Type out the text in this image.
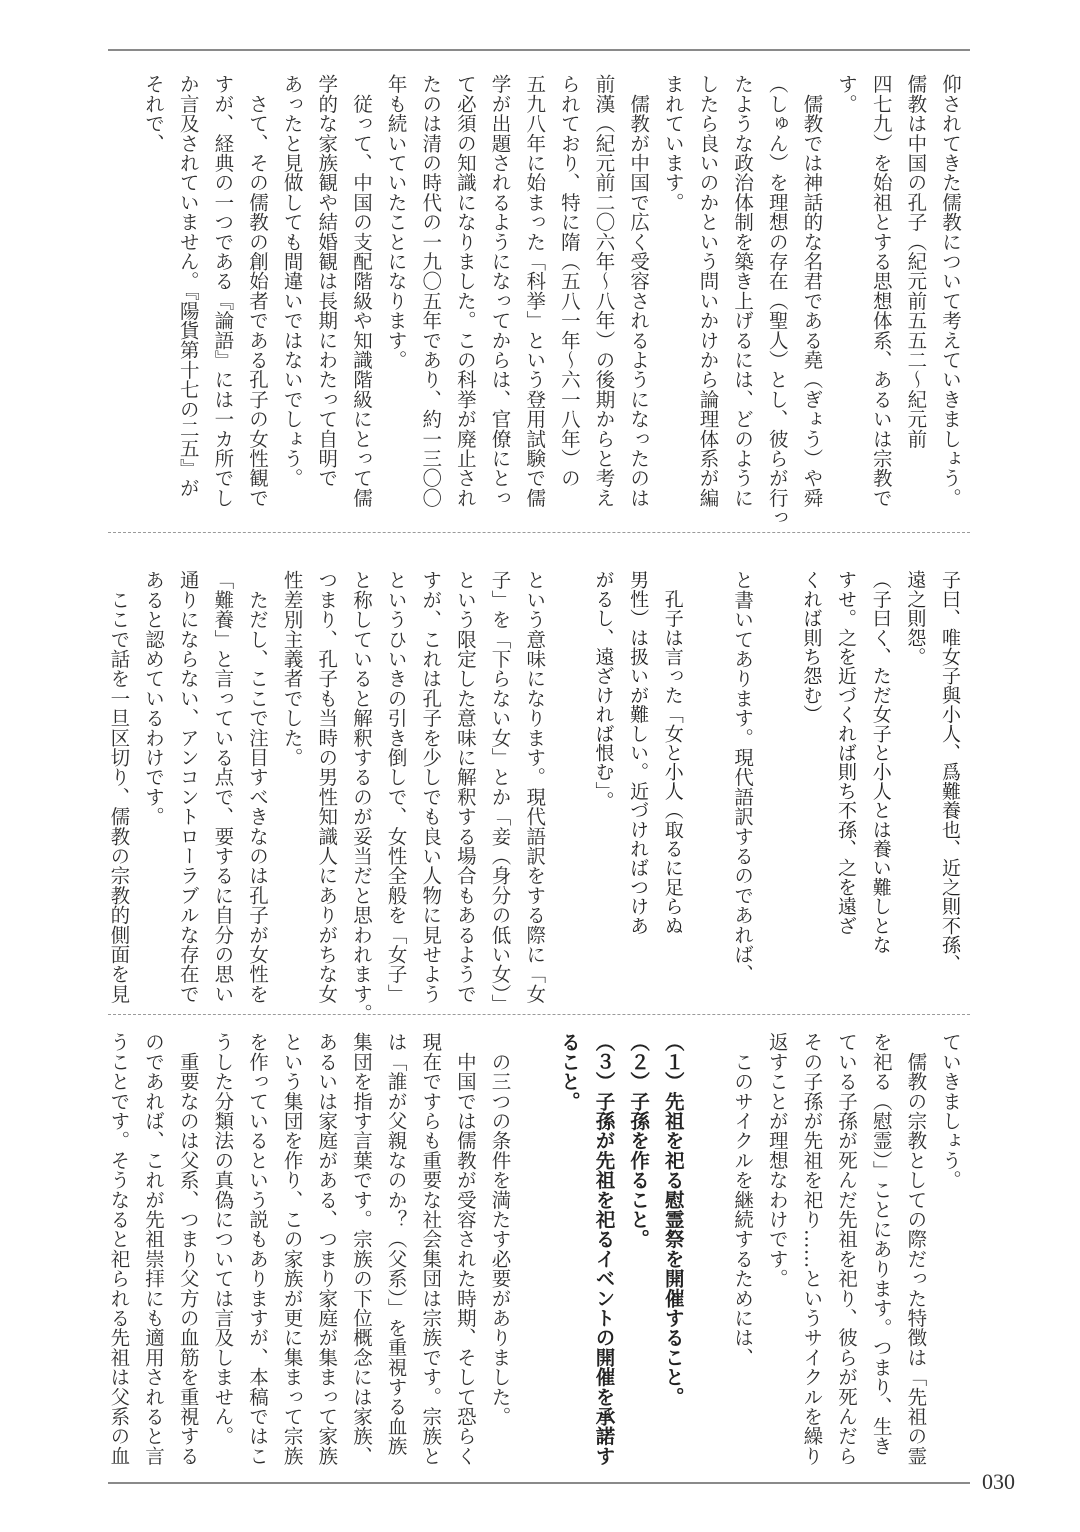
仰されてきた儒教について考えていきましょう。
儒教は中国の孔子（紀元前五五二～紀元前
四七九）を始祖とする思想体系、あるいは宗教で
す。
　儒教では神話的な名君である堯（ぎょう）や舜
（しゅん）を理想の存在（聖人）とし、彼らが行っ
たような政治体制を築き上げるには、どのように
したら良いのかという問いかけから論理体系が編
まれています。
　儒教が中国で広く受容されるようになったのは
前漢（紀元前二〇六年～八年）の後期からと考え
られており、特に隋（五八一年～六一八年）の
五九八年に始まった「科挙」という登用試験で儒
学が出題されるようになってからは、官僚にとっ
て必須の知識になりました。この科挙が廃止され
たのは清の時代の一九〇五年であり、約一三〇〇
年も続いていたことになります。
　従って、中国の支配階級や知識階級にとって儒
学的な家族観や結婚観は長期にわたって自明で
あったと見做しても間違いではないでしょう。
　さて、その儒教の創始者である孔子の女性観で
すが、経典の一つである『論語』には一カ所でし
か言及されていません。『陽貨第十七の二五』が
それで、
子曰、唯女子與小人、爲難養也、近之則不孫、
遠之則怨。
（子曰く、ただ女子と小人とは養い難しとな
すせ。之を近づくれば則ち不孫、之を遠ざ
くれば則ち怨む）
と書いてあります。現代語訳するのであれば、
　孔子は言った「女と小人（取るに足らぬ
男性）は扱いが難しい。近づければつけあ
がるし、遠ざければ恨む」。
という意味になります。現代語訳をする際に「女
子」を「下らない女」とか「妾（身分の低い女）」
という限定した意味に解釈する場合もあるようで
すが、これは孔子を少しでも良い人物に見せよう
というひいきの引き倒しで、女性全般を「女子」
と称していると解釈するのが妥当だと思われます。
つまり、孔子も当時の男性知識人にありがちな女
性差別主義者でした。
　ただし、ここで注目すべきなのは孔子が女性を
「難養」と言っている点で、要するに自分の思い
通りにならない、アンコントローラブルな存在で
あると認めているわけです。
　ここで話を一旦区切り、儒教の宗教的側面を見
ていきましょう。
　儒教の宗教としての際だった特徴は「先祖の霊
を祀る（慰霊）」ことにあります。つまり、生き
ている子孫が死んだ先祖を祀り、彼らが死んだら
その子孫が先祖を祀り……というサイクルを繰り
返すことが理想なわけです。
　このサイクルを継続するためには、
（１）先祖を祀る慰霊祭を開催すること。
（２）子孫を作ること。
（３）子孫が先祖を祀るイベントの開催を承諾す
ること。
　の三つの条件を満たす必要がありました。
　中国では儒教が受容された時期、そして恐らく
現在ですらも重要な社会集団は宗族です。宗族と
は「誰が父親なのか？（父系）」を重視する血族
集団を指す言葉です。宗族の下位概念には家族、
あるいは家庭がある、つまり家庭が集まって家族
という集団を作り、この家族が更に集まって宗族
を作っているという説もありますが、本稿ではこ
うした分類法の真偽については言及しません。
　重要なのは父系、つまり父方の血筋を重視する
のであれば、これが先祖崇拝にも適用されると言
うことです。そうなると祀られる先祖は父系の血
030
